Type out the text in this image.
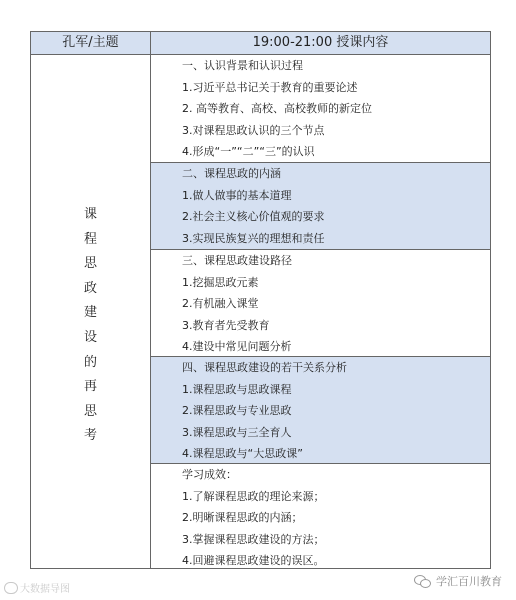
孔军/主题	19:00-21:00 授课内容
课
程
思
政
建
设
的
再
思
考
一、认识背景和认识过程
1.习近平总书记关于教育的重要论述
2. 高等教育、高校、高校教师的新定位
3.对课程思政认识的三个节点
4.形成“一”“二”“三”的认识
二、课程思政的内涵
1.做人做事的基本道理
2.社会主义核心价值观的要求
3.实现民族复兴的理想和责任
三、课程思政建设路径
1.挖掘思政元素
2.有机融入课堂
3.教育者先受教育
4.建设中常见问题分析
四、课程思政建设的若干关系分析
1.课程思政与思政课程
2.课程思政与专业思政
3.课程思政与三全育人
4.课程思政与“大思政课”
学习成效：
1.了解课程思政的理论来源；
2.明晰课程思政的内涵；
3.掌握课程思政建设的方法；
4.回避课程思政建设的误区。
大数据导图
学汇百川教育
